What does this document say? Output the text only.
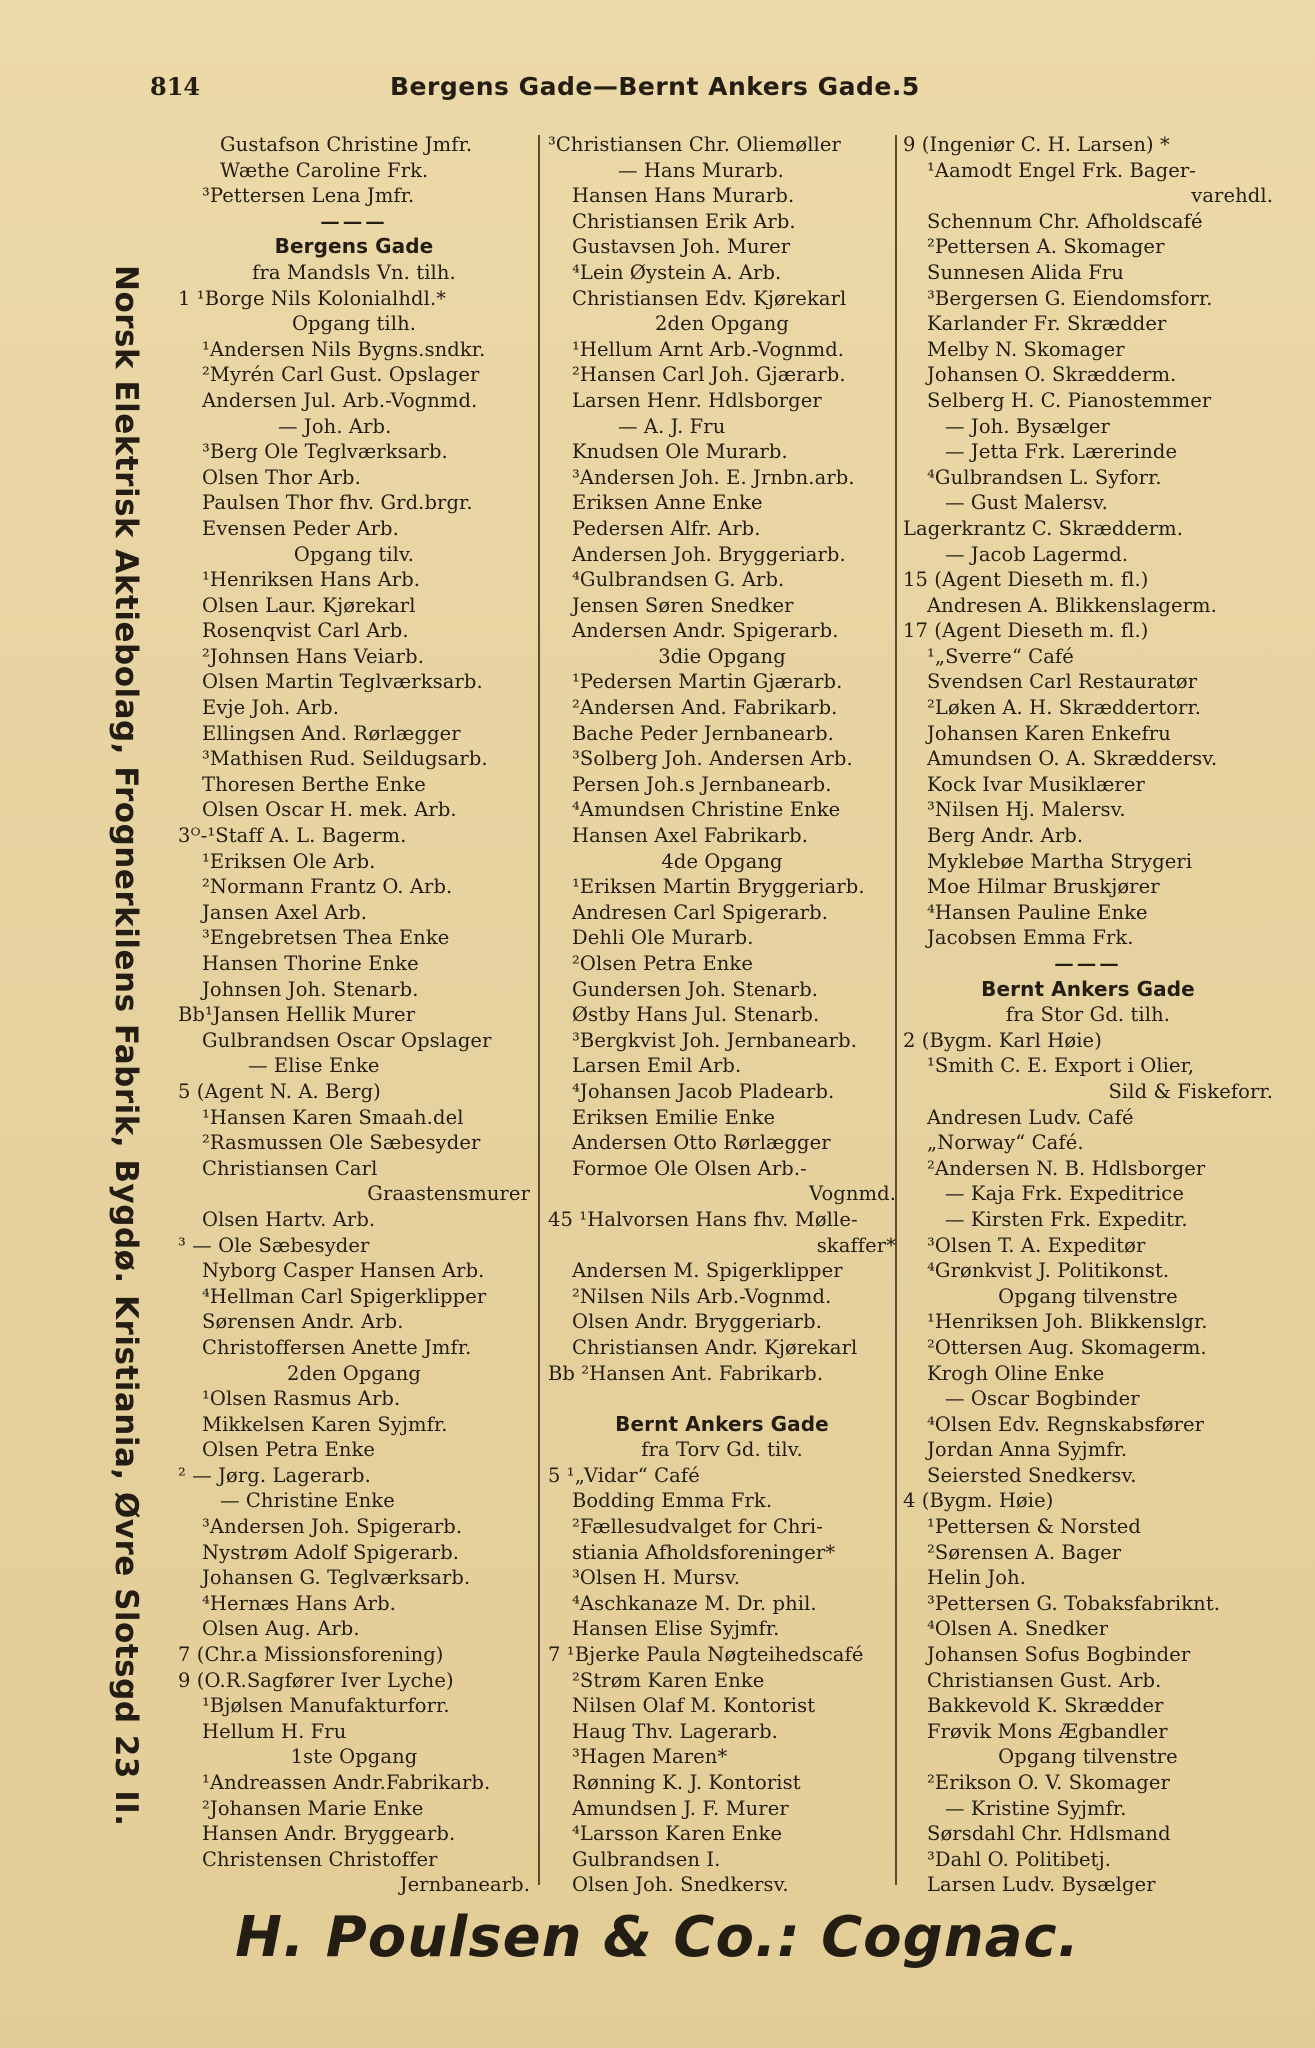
814	Bergens Gade—Bernt Ankers Gade.5
Norsk Elektrisk Aktiebolag, Frognerkilens Fabrik, Bygdø. Kristiania, Øvre Slotsgd 23 II.
Gustafson Christine Jmfr.
Wæthe Caroline Frk.
³Pettersen Lena Jmfr.
———
Bergens Gade
fra Mandsls Vn. tilh.
1 ¹Borge Nils Kolonialhdl.*
Opgang tilh.
¹Andersen Nils Bygns.sndkr.
²Myrén Carl Gust. Opslager
Andersen Jul. Arb.-Vognmd.
— Joh. Arb.
³Berg Ole Teglværksarb.
Olsen Thor Arb.
Paulsen Thor fhv. Grd.brgr.
Evensen Peder Arb.
Opgang tilv.
¹Henriksen Hans Arb.
Olsen Laur. Kjørekarl
Rosenqvist Carl Arb.
²Johnsen Hans Veiarb.
Olsen Martin Teglværksarb.
Evje Joh. Arb.
Ellingsen And. Rørlægger
³Mathisen Rud. Seildugsarb.
Thoresen Berthe Enke
Olsen Oscar H. mek. Arb.
3ᴼ-¹Staff A. L. Bagerm.
¹Eriksen Ole Arb.
²Normann Frantz O. Arb.
Jansen Axel Arb.
³Engebretsen Thea Enke
Hansen Thorine Enke
Johnsen Joh. Stenarb.
Bb¹Jansen Hellik Murer
Gulbrandsen Oscar Opslager
— Elise Enke
5 (Agent N. A. Berg)
¹Hansen Karen Smaah.del
²Rasmussen Ole Sæbesyder
Christiansen Carl
Graastensmurer
Olsen Hartv. Arb.
³ — Ole Sæbesyder
Nyborg Casper Hansen Arb.
⁴Hellman Carl Spigerklipper
Sørensen Andr. Arb.
Christoffersen Anette Jmfr.
2den Opgang
¹Olsen Rasmus Arb.
Mikkelsen Karen Syjmfr.
Olsen Petra Enke
² — Jørg. Lagerarb.
— Christine Enke
³Andersen Joh. Spigerarb.
Nystrøm Adolf Spigerarb.
Johansen G. Teglværksarb.
⁴Hernæs Hans Arb.
Olsen Aug. Arb.
7 (Chr.a Missionsforening)
9 (O.R.Sagfører Iver Lyche)
¹Bjølsen Manufakturforr.
Hellum H. Fru
1ste Opgang
¹Andreassen Andr.Fabrikarb.
²Johansen Marie Enke
Hansen Andr. Bryggearb.
Christensen Christoffer
Jernbanearb.
³Christiansen Chr. Oliemøller
— Hans Murarb.
Hansen Hans Murarb.
Christiansen Erik Arb.
Gustavsen Joh. Murer
⁴Lein Øystein A. Arb.
Christiansen Edv. Kjørekarl
2den Opgang
¹Hellum Arnt Arb.-Vognmd.
²Hansen Carl Joh. Gjærarb.
Larsen Henr. Hdlsborger
— A. J. Fru
Knudsen Ole Murarb.
³Andersen Joh. E. Jrnbn.arb.
Eriksen Anne Enke
Pedersen Alfr. Arb.
Andersen Joh. Bryggeriarb.
⁴Gulbrandsen G. Arb.
Jensen Søren Snedker
Andersen Andr. Spigerarb.
3die Opgang
¹Pedersen Martin Gjærarb.
²Andersen And. Fabrikarb.
Bache Peder Jernbanearb.
³Solberg Joh. Andersen Arb.
Persen Joh.s Jernbanearb.
⁴Amundsen Christine Enke
Hansen Axel Fabrikarb.
4de Opgang
¹Eriksen Martin Bryggeriarb.
Andresen Carl Spigerarb.
Dehli Ole Murarb.
²Olsen Petra Enke
Gundersen Joh. Stenarb.
Østby Hans Jul. Stenarb.
³Bergkvist Joh. Jernbanearb.
Larsen Emil Arb.
⁴Johansen Jacob Pladearb.
Eriksen Emilie Enke
Andersen Otto Rørlægger
Formoe Ole Olsen Arb.-
Vognmd.
45 ¹Halvorsen Hans fhv. Mølle-
skaffer*
Andersen M. Spigerklipper
²Nilsen Nils Arb.-Vognmd.
Olsen Andr. Bryggeriarb.
Christiansen Andr. Kjørekarl
Bb ²Hansen Ant. Fabrikarb.
Bernt Ankers Gade
fra Torv Gd. tilv.
5 ¹„Vidar“ Café
Bodding Emma Frk.
²Fællesudvalget for Chri-
stiania Afholdsforeninger*
³Olsen H. Mursv.
⁴Aschkanaze M. Dr. phil.
Hansen Elise Syjmfr.
7 ¹Bjerke Paula Nøgteihedscafé
²Strøm Karen Enke
Nilsen Olaf M. Kontorist
Haug Thv. Lagerarb.
³Hagen Maren*
Rønning K. J. Kontorist
Amundsen J. F. Murer
⁴Larsson Karen Enke
Gulbrandsen I.
Olsen Joh. Snedkersv.
9 (Ingeniør C. H. Larsen) *
¹Aamodt Engel Frk. Bager-
varehdl.
Schennum Chr. Afholdscafé
²Pettersen A. Skomager
Sunnesen Alida Fru
³Bergersen G. Eiendomsforr.
Karlander Fr. Skrædder
Melby N. Skomager
Johansen O. Skrædderm.
Selberg H. C. Pianostemmer
— Joh. Bysælger
— Jetta Frk. Lærerinde
⁴Gulbrandsen L. Syforr.
— Gust Malersv.
Lagerkrantz C. Skrædderm.
— Jacob Lagermd.
15 (Agent Dieseth m. fl.)
Andresen A. Blikkenslagerm.
17 (Agent Dieseth m. fl.)
¹„Sverre“ Café
Svendsen Carl Restauratør
²Løken A. H. Skræddertorr.
Johansen Karen Enkefru
Amundsen O. A. Skræddersv.
Kock Ivar Musiklærer
³Nilsen Hj. Malersv.
Berg Andr. Arb.
Myklebøe Martha Strygeri
Moe Hilmar Bruskjører
⁴Hansen Pauline Enke
Jacobsen Emma Frk.
———
Bernt Ankers Gade
fra Stor Gd. tilh.
2 (Bygm. Karl Høie)
¹Smith C. E. Export i Olier,
Sild & Fiskeforr.
Andresen Ludv. Café
„Norway“ Café.
²Andersen N. B. Hdlsborger
— Kaja Frk. Expeditrice
— Kirsten Frk. Expeditr.
³Olsen T. A. Expeditør
⁴Grønkvist J. Politikonst.
Opgang tilvenstre
¹Henriksen Joh. Blikkenslgr.
²Ottersen Aug. Skomagerm.
Krogh Oline Enke
— Oscar Bogbinder
⁴Olsen Edv. Regnskabsfører
Jordan Anna Syjmfr.
Seiersted Snedkersv.
4 (Bygm. Høie)
¹Pettersen & Norsted
²Sørensen A. Bager
Helin Joh.
³Pettersen G. Tobaksfabriknt.
⁴Olsen A. Snedker
Johansen Sofus Bogbinder
Christiansen Gust. Arb.
Bakkevold K. Skrædder
Frøvik Mons Ægbandler
Opgang tilvenstre
²Erikson O. V. Skomager
— Kristine Syjmfr.
Sørsdahl Chr. Hdlsmand
³Dahl O. Politibetj.
Larsen Ludv. Bysælger
H. Poulsen & Co.: Cognac.
